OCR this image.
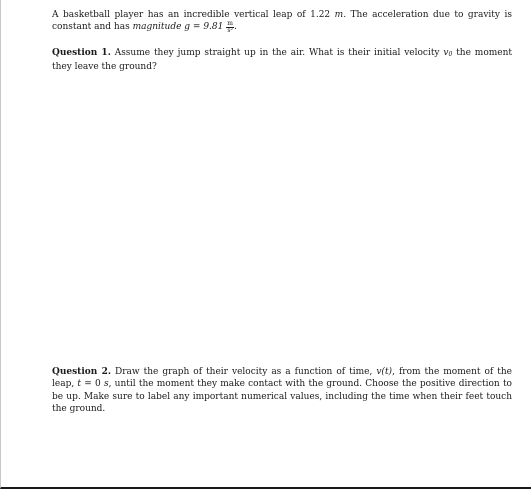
A basketball player has an incredible vertical leap of 1.22 m. The acceleration due to gravity is constant and has magnitude $g = 9.81 \frac{m}{\text{s²}}$ .
Question 1. Assume they jump straight up in the air. What is their initial velocity $v_0$ the moment they leave the ground?
Question 2. Draw the graph of their velocity as a function of time, v(t), from the moment of the leap, t = 0 s, until the moment they make contact with the ground. Choose the positive direction to be up. Make sure to label any important numerical values, including the time when their feet touch the ground.
